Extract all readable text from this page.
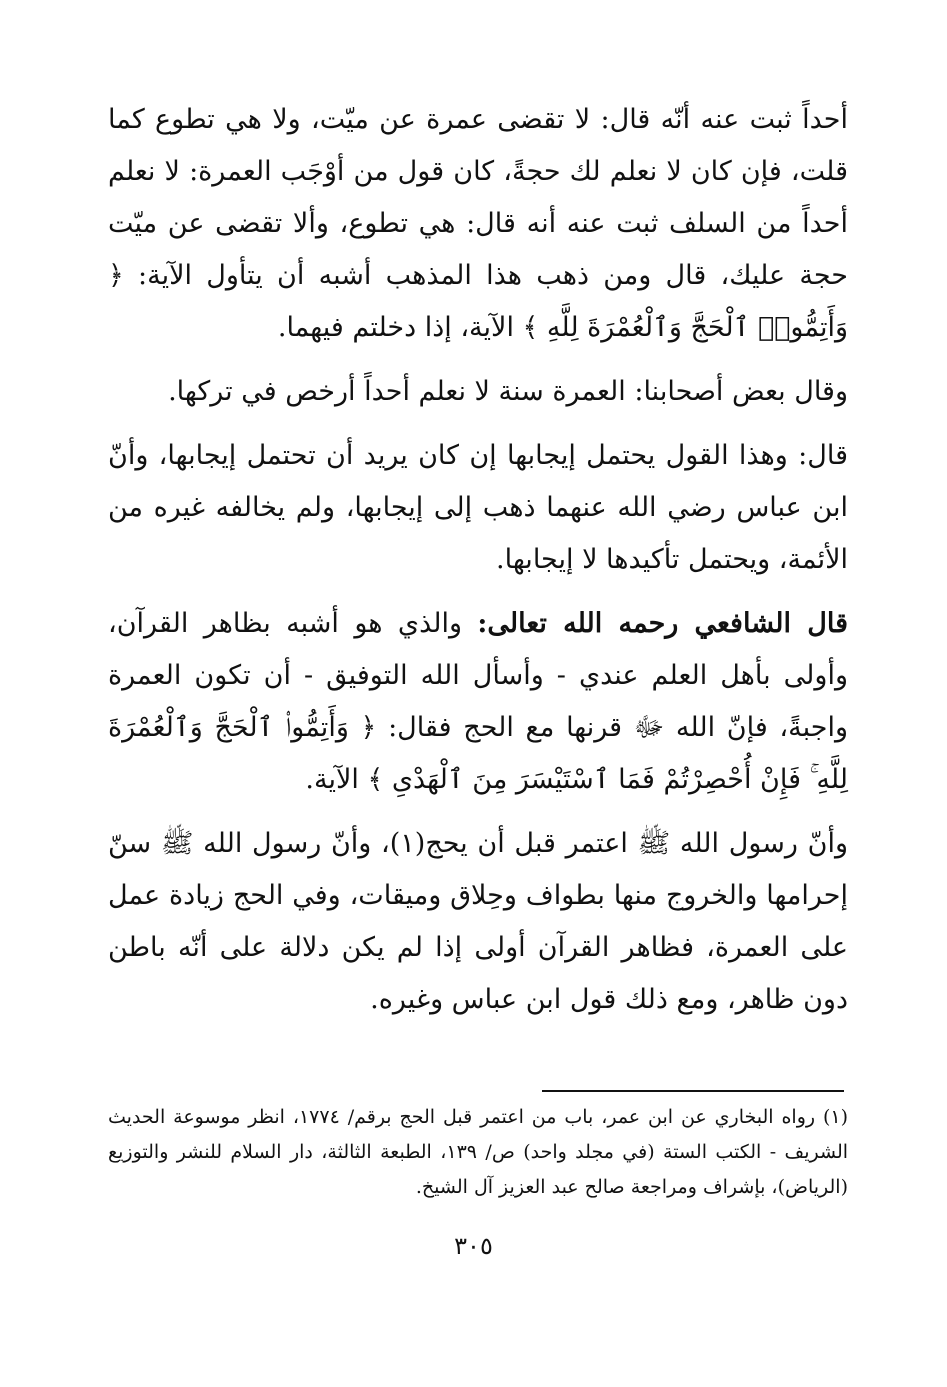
أحداً ثبت عنه أنّه قال: لا تقضى عمرة عن ميّت، ولا هي تطوع كما قلت، فإن كان لا نعلم لك حجةً، كان قول من أوْجَب العمرة: لا نعلم أحداً من السلف ثبت عنه أنه قال: هي تطوع، وألا تقضى عن ميّت حجة عليك، قال ومن ذهب هذا المذهب أشبه أن يتأول الآية: ﴿ وَأَتِمُّوا۟ ٱلْحَجَّ وَٱلْعُمْرَةَ لِلَّهِ ﴾ الآية، إذا دخلتم فيهما.

وقال بعض أصحابنا: العمرة سنة لا نعلم أحداً أرخص في تركها.

قال: وهذا القول يحتمل إيجابها إن كان يريد أن تحتمل إيجابها، وأنّ ابن عباس رضي الله عنهما ذهب إلى إيجابها، ولم يخالفه غيره من الأئمة، ويحتمل تأكيدها لا إيجابها.

قال الشافعي رحمه الله تعالى: والذي هو أشبه بظاهر القرآن، وأولى بأهل العلم عندي - وأسأل الله التوفيق - أن تكون العمرة واجبةً، فإنّ الله ﷻ قرنها مع الحج فقال: ﴿ وَأَتِمُّوا۟ ٱلْحَجَّ وَٱلْعُمْرَةَ لِلَّهِ ۚ فَإِنْ أُحْصِرْتُمْ فَمَا ٱسْتَيْسَرَ مِنَ ٱلْهَدْىِ ﴾ الآية.

وأنّ رسول الله ﷺ اعتمر قبل أن يحج(١)، وأنّ رسول الله ﷺ سنّ إحرامها والخروج منها بطواف وحِلاق وميقات، وفي الحج زيادة عمل على العمرة، فظاهر القرآن أولى إذا لم يكن دلالة على أنّه باطن دون ظاهر، ومع ذلك قول ابن عباس وغيره.

(١) رواه البخاري عن ابن عمر، باب من اعتمر قبل الحج برقم/ ١٧٧٤، انظر موسوعة الحديث الشريف - الكتب الستة (في مجلد واحد) ص/ ١٣٩، الطبعة الثالثة، دار السلام للنشر والتوزيع (الرياض)، بإشراف ومراجعة صالح عبد العزيز آل الشيخ.

٣٠٥
